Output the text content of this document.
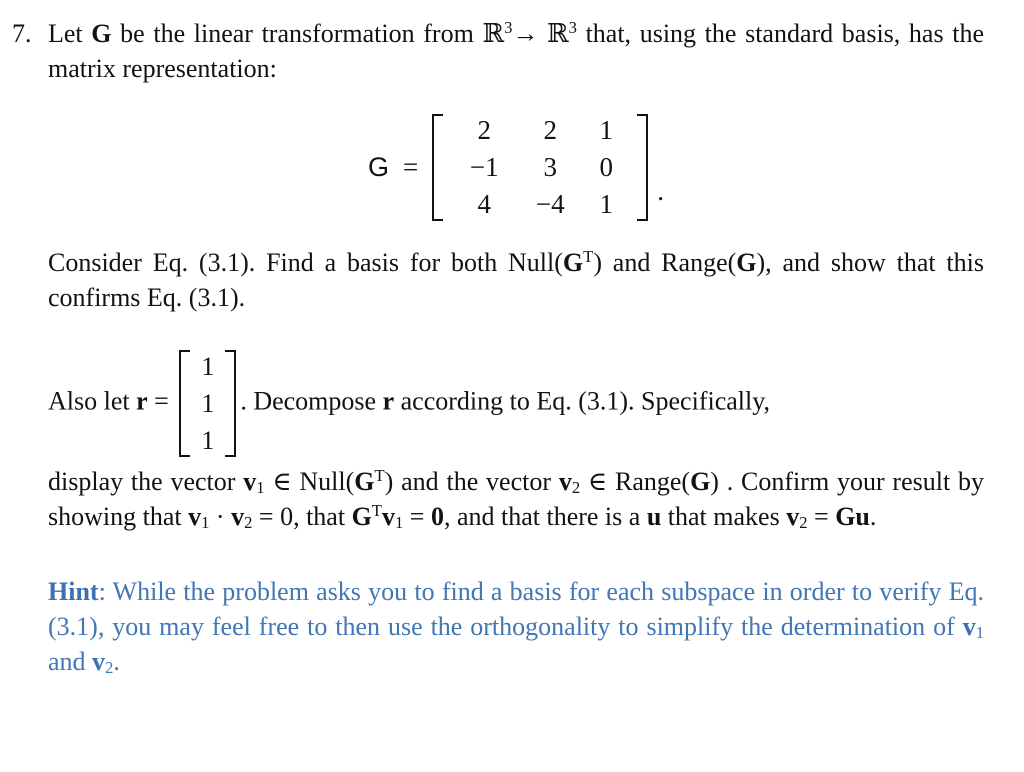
7. Let G be the linear transformation from ℝ$^3$→ ℝ$^3$ that, using the standard basis, has the matrix representation:

G =
2 2 1
−1 3 0
4 −4 1 .

Consider Eq. (3.1). Find a basis for both $Null(G^T)$ and Range(G), and show that this confirms Eq. (3.1).

Also let r =
1
1
1
. Decompose r according to Eq. (3.1). Specifically,

display the vector v1 ∈ $Null(G^T)$ and the vector v2 ∈ Range(G) . Confirm your result by showing that v1 · v2 = 0, that $G^Tv1 = 0$, and that there is a u that makes v2 = Gu.

Hint: While the problem asks you to find a basis for each subspace in order to verify Eq. (3.1), you may feel free to then use the orthogonality to simplify the determination of v1 and v2.
